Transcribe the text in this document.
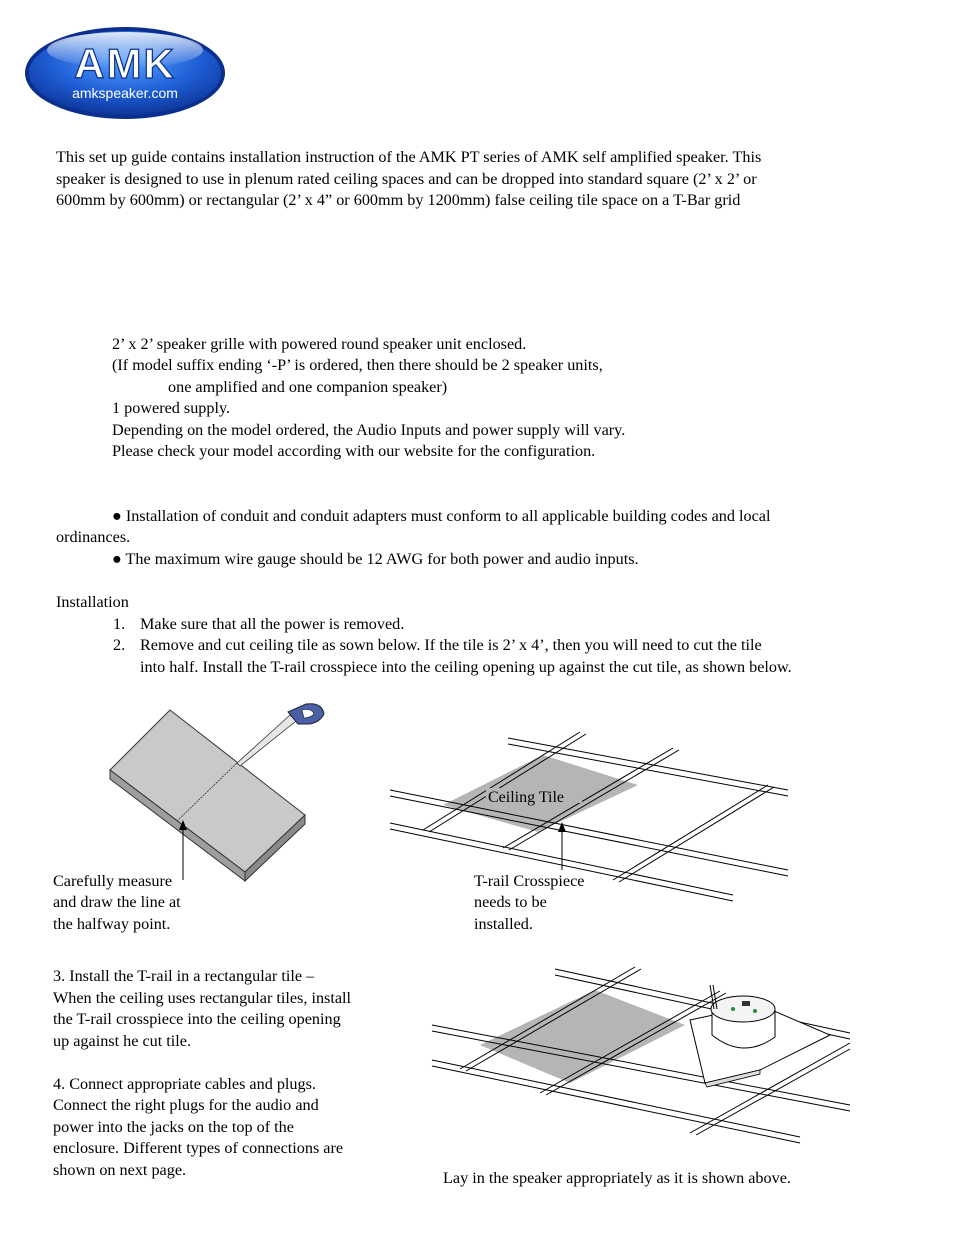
AMK
amkspeaker.com
This set up guide contains installation instruction of the AMK PT series of AMK self amplified speaker. This
speaker is designed to use in plenum rated ceiling spaces and can be dropped into standard square (2’ x 2’ or
600mm by 600mm) or rectangular (2’ x 4” or 600mm by 1200mm) false ceiling tile space on a T-Bar grid
2’ x 2’ speaker grille with powered round speaker unit enclosed.
(If model suffix ending ‘-P’ is ordered, then there should be 2 speaker units,
one amplified and one companion speaker)
1 powered supply.
Depending on the model ordered, the Audio Inputs and power supply will vary.
Please check your model according with our website for the configuration.
● Installation of conduit and conduit adapters must conform to all applicable building codes and local
ordinances.
● The maximum wire gauge should be 12 AWG for both power and audio inputs.
Installation
1. Make sure that all the power is removed.
2. Remove and cut ceiling tile as sown below. If the tile is 2’ x 4’, then you will need to cut the tile
into half. Install the T-rail crosspiece into the ceiling opening up against the cut tile, as shown below.
Carefully measure
and draw the line at
the halfway point.
Ceiling Tile
T-rail Crosspiece
needs to be
installed.
3. Install the T-rail in a rectangular tile –
When the ceiling uses rectangular tiles, install
the T-rail crosspiece into the ceiling opening
up against he cut tile.
4. Connect appropriate cables and plugs.
Connect the right plugs for the audio and
power into the jacks on the top of the
enclosure. Different types of connections are
shown on next page.	Lay in the speaker appropriately as it is shown above.
